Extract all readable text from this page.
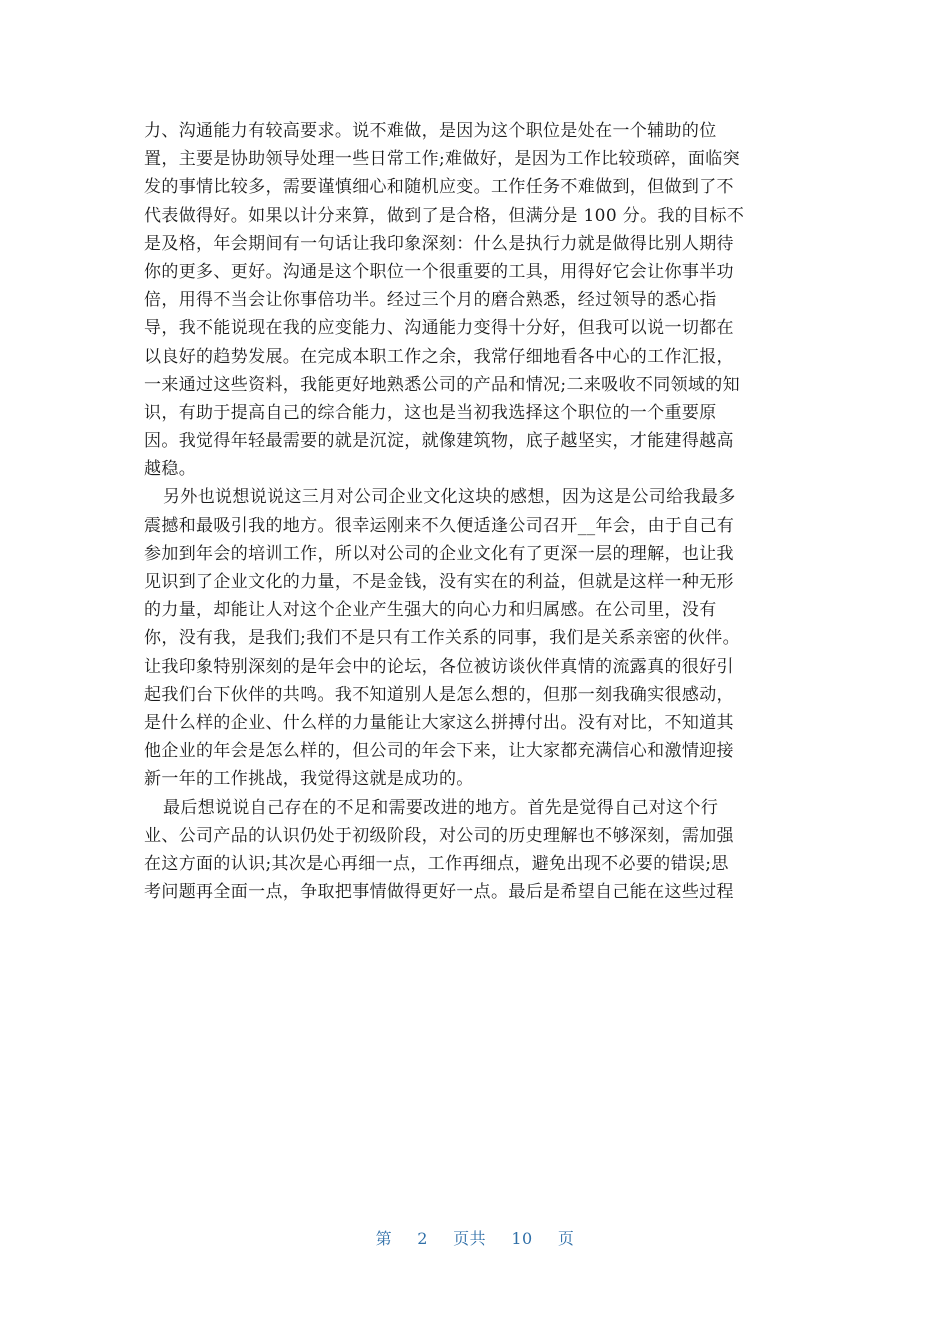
力、沟通能力有较高要求。说不难做，是因为这个职位是处在一个辅助的位
置，主要是协助领导处理一些日常工作;难做好，是因为工作比较琐碎，面临突
发的事情比较多，需要谨慎细心和随机应变。工作任务不难做到，但做到了不
代表做得好。如果以计分来算，做到了是合格，但满分是 100 分。我的目标不
是及格，年会期间有一句话让我印象深刻：什么是执行力就是做得比别人期待
你的更多、更好。沟通是这个职位一个很重要的工具，用得好它会让你事半功
倍，用得不当会让你事倍功半。经过三个月的磨合熟悉，经过领导的悉心指
导，我不能说现在我的应变能力、沟通能力变得十分好，但我可以说一切都在
以良好的趋势发展。在完成本职工作之余，我常仔细地看各中心的工作汇报，
一来通过这些资料，我能更好地熟悉公司的产品和情况;二来吸收不同领域的知
识，有助于提高自己的综合能力，这也是当初我选择这个职位的一个重要原
因。我觉得年轻最需要的就是沉淀，就像建筑物，底子越坚实，才能建得越高
越稳。
另外也说想说说这三月对公司企业文化这块的感想，因为这是公司给我最多
震撼和最吸引我的地方。很幸运刚来不久便适逢公司召开__年会，由于自己有
参加到年会的培训工作，所以对公司的企业文化有了更深一层的理解，也让我
见识到了企业文化的力量，不是金钱，没有实在的利益，但就是这样一种无形
的力量，却能让人对这个企业产生强大的向心力和归属感。在公司里，没有
你，没有我，是我们;我们不是只有工作关系的同事，我们是关系亲密的伙伴。
让我印象特别深刻的是年会中的论坛，各位被访谈伙伴真情的流露真的很好引
起我们台下伙伴的共鸣。我不知道别人是怎么想的，但那一刻我确实很感动，
是什么样的企业、什么样的力量能让大家这么拼搏付出。没有对比，不知道其
他企业的年会是怎么样的，但公司的年会下来，让大家都充满信心和激情迎接
新一年的工作挑战，我觉得这就是成功的。
最后想说说自己存在的不足和需要改进的地方。首先是觉得自己对这个行
业、公司产品的认识仍处于初级阶段，对公司的历史理解也不够深刻，需加强
在这方面的认识;其次是心再细一点，工作再细点，避免出现不必要的错误;思
考问题再全面一点，争取把事情做得更好一点。最后是希望自己能在这些过程
第 2 页共 10 页
